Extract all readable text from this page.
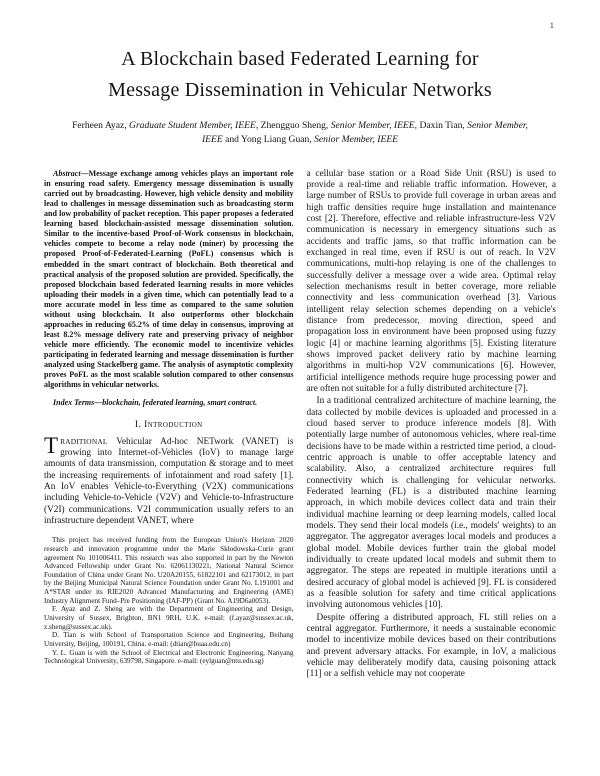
1
A Blockchain based Federated Learning for Message Dissemination in Vehicular Networks
Ferheen Ayaz, Graduate Student Member, IEEE, Zhengguo Sheng, Senior Member, IEEE, Daxin Tian, Senior Member, IEEE and Yong Liang Guan, Senior Member, IEEE

Abstract—Message exchange among vehicles plays an important role in ensuring road safety. Emergency message dissemination is usually carried out by broadcasting. However, high vehicle density and mobility lead to challenges in message dissemination such as broadcasting storm and low probability of packet reception. This paper proposes a federated learning based blockchain-assisted message dissemination solution. Similar to the incentive-based Proof-of-Work consensus in blockchain, vehicles compete to become a relay node (miner) by processing the proposed Proof-of-Federated-Learning (PoFL) consensus which is embedded in the smart contract of blockchain. Both theoretical and practical analysis of the proposed solution are provided. Specifically, the proposed blockchain based federated learning results in more vehicles uploading their models in a given time, which can potentially lead to a more accurate model in less time as compared to the same solution without using blockchain. It also outperforms other blockchain approaches in reducing 65.2% of time delay in consensus, improving at least 8.2% message delivery rate and preserving privacy of neighbor vehicle more efficiently. The economic model to incentivize vehicles participating in federated learning and message dissemination is further analyzed using Stackelberg game. The analysis of asymptotic complexity proves PoFL as the most scalable solution compared to other consensus algorithms in vehicular networks.

Index Terms—blockchain, federated learning, smart contract.

I. Introduction

TRADITIONAL Vehicular Ad-hoc NETwork (VANET) is growing into Internet-of-Vehicles (IoV) to manage large amounts of data transmission, computation & storage and to meet the increasing requirements of infotainment and road safety [1]. An IoV enables Vehicle-to-Everything (V2X) communications including Vehicle-to-Vehicle (V2V) and Vehicle-to-Infrastructure (V2I) communications. V2I communication usually refers to an infrastructure dependent VANET, where

This project has received funding from the European Union's Horizon 2020 research and innovation programme under the Marie Skłodowska-Curie grant agreement No 101006411. This research was also supported in part by the Newton Advanced Fellowship under Grant No. 62061130221, National Natural Science Foundation of China under Grant No. U20A20155, 61822101 and 62173012, in part by the Beijing Municipal Natural Science Foundation under Grant No. L191001 and A*STAR under its RIE2020 Advanced Manufacturing and Engineering (AME) Industry Alignment Fund–Pre Positioning (IAF-PP) (Grant No. A19D6a0053).

F. Ayaz and Z. Sheng are with the Department of Engineering and Design, University of Sussex, Brighton, BN1 9RH, U.K. e-mail: (f.ayaz@sussex.ac.uk, z.sheng@sussex.ac.uk).

D. Tian is with School of Transportation Science and Engineering, Beihang University, Beijing, 100191, China. e-mail: (dtian@buaa.edu.cn)

Y. L. Guan is with the School of Electrical and Electronic Engineering, Nanyang Technological University, 639798, Singapore. e-mail: (eylguan@ntu.edu.sg)

a cellular base station or a Road Side Unit (RSU) is used to provide a real-time and reliable traffic information. However, a large number of RSUs to provide full coverage in urban areas and high traffic densities require huge installation and maintenance cost [2]. Therefore, effective and reliable infrastructure-less V2V communication is necessary in emergency situations such as accidents and traffic jams, so that traffic information can be exchanged in real time, even if RSU is out of reach. In V2V communications, multi-hop relaying is one of the challenges to successfully deliver a message over a wide area. Optimal relay selection mechanisms result in better coverage, more reliable connectivity and less communication overhead [3]. Various intelligent relay selection schemes depending on a vehicle's distance from predecessor, moving direction, speed and propagation loss in environment have been proposed using fuzzy logic [4] or machine learning algorithms [5]. Existing literature shows improved packet delivery ratio by machine learning algorithms in multi-hop V2V communications [6]. However, artificial intelligence methods require huge processing power and are often not suitable for a fully distributed architecture [7].

In a traditional centralized architecture of machine learning, the data collected by mobile devices is uploaded and processed in a cloud based server to produce inference models [8]. With potentially large number of autonomous vehicles, where real-time decisions have to be made within a restricted time period, a cloud-centric approach is unable to offer acceptable latency and scalability. Also, a centralized architecture requires full connectivity which is challenging for vehicular networks. Federated learning (FL) is a distributed machine learning approach, in which mobile devices collect data and train their individual machine learning or deep learning models, called local models. They send their local models (i.e., models' weights) to an aggregator. The aggregator averages local models and produces a global model. Mobile devices further train the global model individually to create updated local models and submit them to aggregator. The steps are repeated in multiple iterations until a desired accuracy of global model is achieved [9]. FL is considered as a feasible solution for safety and time critical applications involving autonomous vehicles [10].

Despite offering a distributed approach, FL still relies on a central aggregator. Furthermore, it needs a sustainable economic model to incentivize mobile devices based on their contributions and prevent adversary attacks. For example, in IoV, a malicious vehicle may deliberately modify data, causing poisoning attack [11] or a selfish vehicle may not cooperate
